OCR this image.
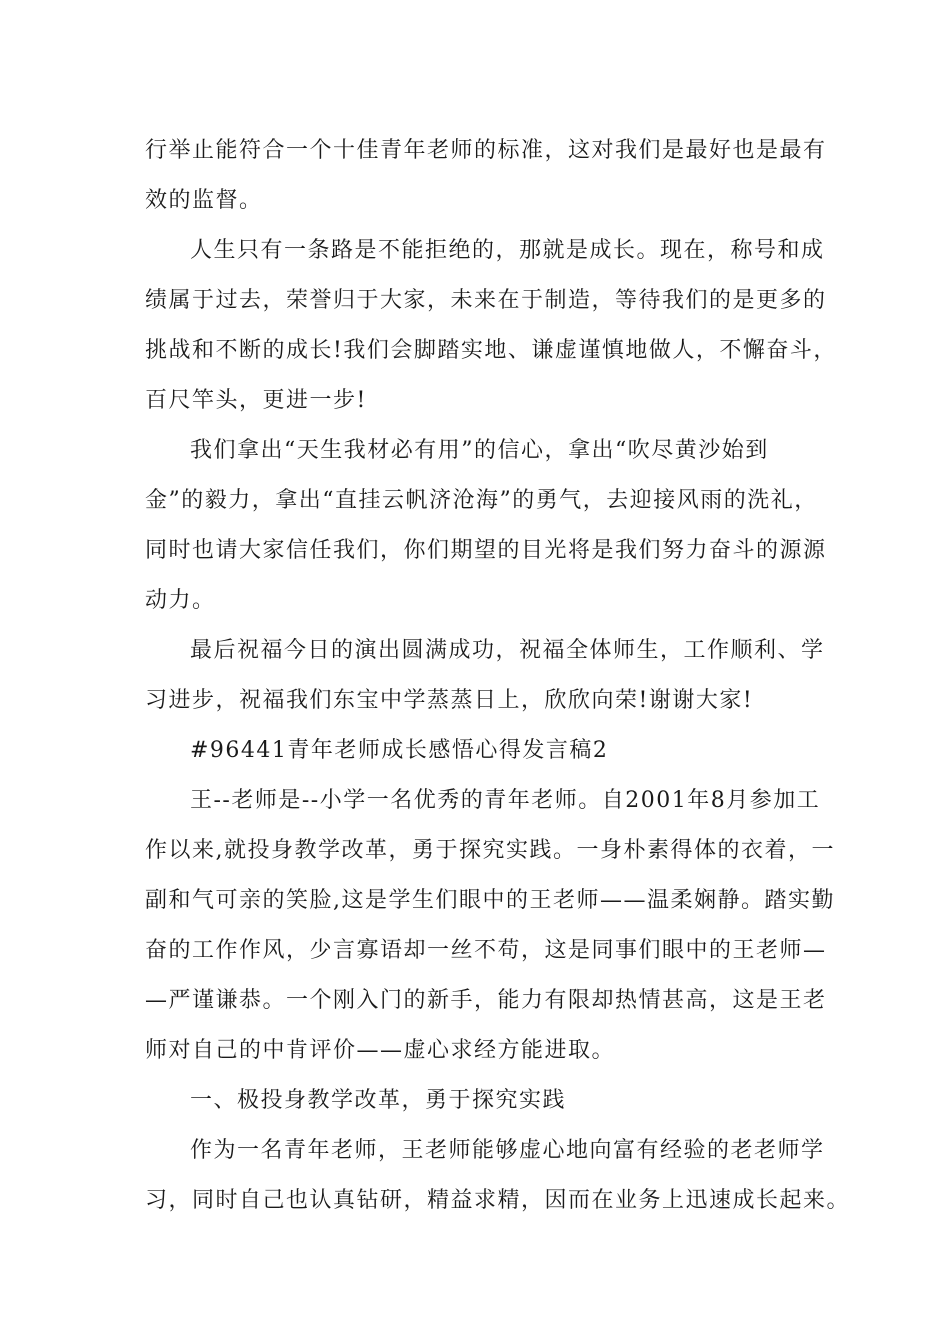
行举止能符合一个十佳青年老师的标准，这对我们是最好也是最有

效的监督。

人生只有一条路是不能拒绝的，那就是成长。现在，称号和成

绩属于过去，荣誉归于大家，未来在于制造，等待我们的是更多的

挑战和不断的成长!我们会脚踏实地、谦虚谨慎地做人，不懈奋斗，

百尺竿头，更进一步!

我们拿出“天生我材必有用”的信心，拿出“吹尽黄沙始到

金”的毅力，拿出“直挂云帆济沧海”的勇气，去迎接风雨的洗礼，

同时也请大家信任我们，你们期望的目光将是我们努力奋斗的源源

动力。

最后祝福今日的演出圆满成功，祝福全体师生，工作顺利、学

习进步，祝福我们东宝中学蒸蒸日上，欣欣向荣!谢谢大家!

#96441青年老师成长感悟心得发言稿2

王--老师是--小学一名优秀的青年老师。自2001年8月参加工

作以来,就投身教学改革，勇于探究实践。一身朴素得体的衣着，一

副和气可亲的笑脸,这是学生们眼中的王老师——温柔娴静。踏实勤

奋的工作作风，少言寡语却一丝不苟，这是同事们眼中的王老师—

—严谨谦恭。一个刚入门的新手，能力有限却热情甚高，这是王老

师对自己的中肯评价——虚心求经方能进取。

一、极投身教学改革，勇于探究实践

作为一名青年老师，王老师能够虚心地向富有经验的老老师学

习，同时自己也认真钻研，精益求精，因而在业务上迅速成长起来。
